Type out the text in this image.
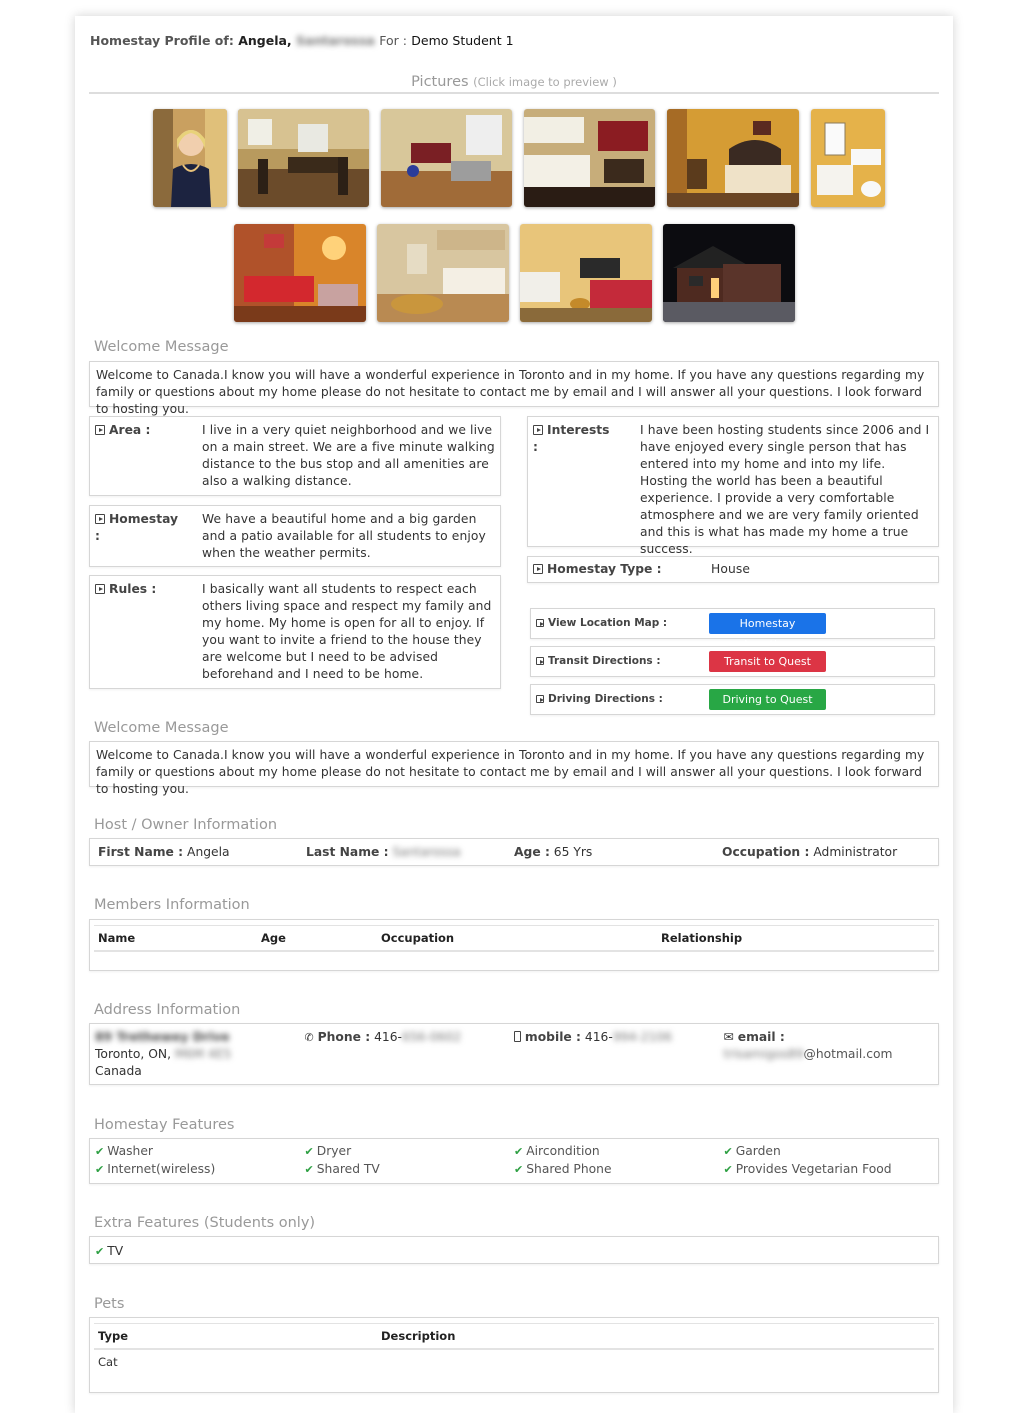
Homestay Profile of: Angela, Santarossa For : Demo Student 1
Pictures (Click image to preview )
Welcome Message
Welcome to Canada.I know you will have a wonderful experience in Toronto and in my home. If you have any questions regarding my family or questions about my home please do not hesitate to contact me by email and I will answer all your questions. I look forward to hosting you.
Area :	I live in a very quiet neighborhood and we live on a main street. We are a five minute walking distance to the bus stop and all amenities are also a walking distance.
Homestay
:
We have a beautiful home and a big garden and a patio available for all students to enjoy when the weather permits.
Rules :	I basically want all students to respect each others living space and respect my family and my home. My home is open for all to enjoy. If you want to invite a friend to the house they are welcome but I need to be advised beforehand and I need to be home.
Interests
:
I have been hosting students since 2006 and I have enjoyed every single person that has entered into my home and into my life. Hosting the world has been a beautiful experience. I provide a very comfortable atmosphere and we are very family oriented and this is what has made my home a true success.
Homestay Type :	House
View Location Map :	Homestay Location
Transit Directions :	Transit to Quest
Driving Directions :	Driving to Quest
Welcome Message
Welcome to Canada.I know you will have a wonderful experience in Toronto and in my home. If you have any questions regarding my family or questions about my home please do not hesitate to contact me by email and I will answer all your questions. I look forward to hosting you.
Host / Owner Information
First Name : Angela	Last Name : Santarossa	Age : 65 Yrs	Occupation : Administrator
Members Information
Name	Age	Occupation	Relationship
Address Information
89 Trethewey Drive
Toronto, ON, M6M 4E5
Canada
✆ Phone : 416-656-0602	mobile : 416-994-2106	✉ email :
trisamigos89@hotmail.com
Homestay Features
✔ Washer	✔ Dryer	✔ Aircondition	✔ Garden
✔ Internet(wireless)	✔ Shared TV	✔ Shared Phone	✔ Provides Vegetarian Food
Extra Features (Students only)
✔ TV
Pets
Type	Description
Cat
